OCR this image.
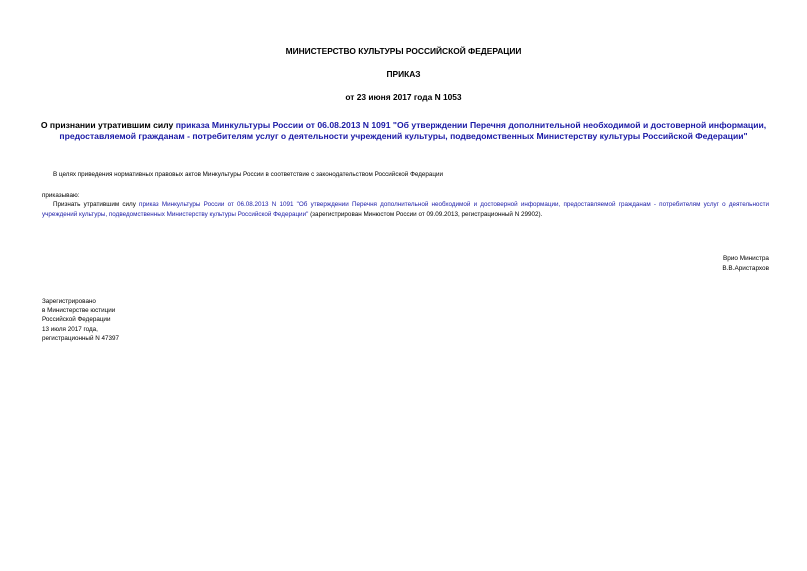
МИНИСТЕРСТВО КУЛЬТУРЫ РОССИЙСКОЙ ФЕДЕРАЦИИ
ПРИКАЗ
от 23 июня 2017 года N 1053
О признании утратившим силу приказа Минкультуры России от 06.08.2013 N 1091 "Об утверждении Перечня дополнительной необходимой и достоверной информации, предоставляемой гражданам - потребителям услуг о деятельности учреждений культуры, подведомственных Министерству культуры Российской Федерации"
В целях приведения нормативных правовых актов Минкультуры России в соответствие с законодательством Российской Федерации
приказываю:
Признать утратившим силу приказ Минкультуры России от 06.08.2013 N 1091 "Об утверждении Перечня дополнительной необходимой и достоверной информации, предоставляемой гражданам - потребителям услуг о деятельности учреждений культуры, подведомственных Министерству культуры Российской Федерации" (зарегистрирован Минюстом России от 09.09.2013, регистрационный N 29902).
Врио Министра
В.В.Аристархов
Зарегистрировано
в Министерстве юстиции
Российской Федерации
13 июля 2017 года,
регистрационный N 47397
